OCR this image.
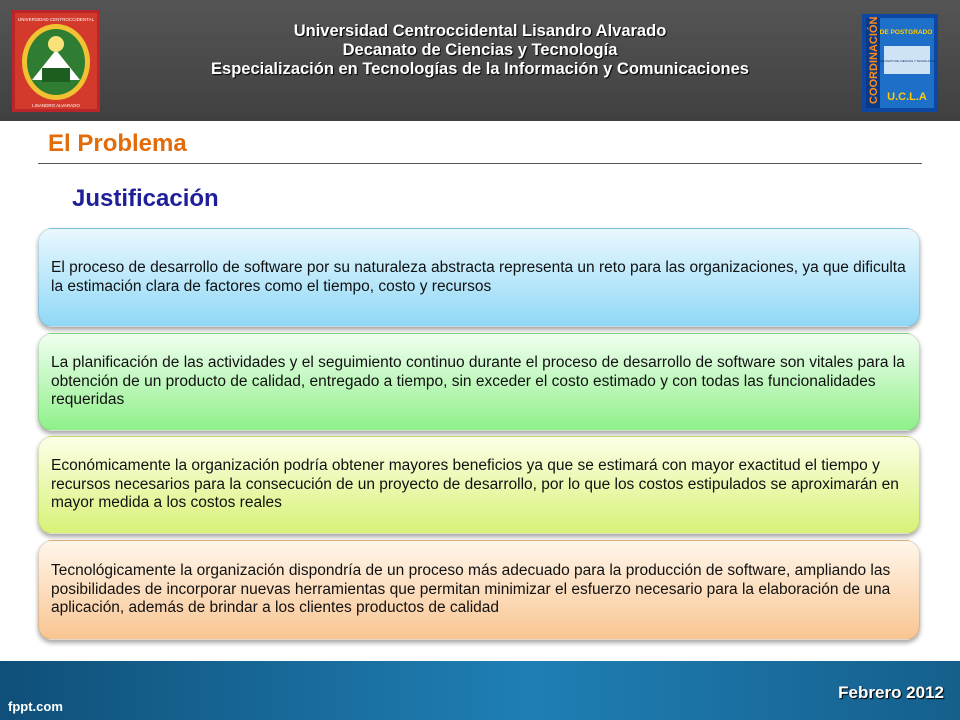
UNIVERSIDAD CENTROCCIDENTAL
LISANDRO ALVARADO
Universidad Centroccidental Lisandro Alvarado
Decanato de Ciencias y Tecnología
Especialización en Tecnologías de la Información y Comunicaciones	COORDINACIÓN DE POSTGRADO
DECANATO DE CIENCIAS Y TECNOLOGÍA
U.C.L.A
El Problema
Justificación
El proceso de desarrollo de software por su naturaleza abstracta representa un reto para las organizaciones, ya que dificulta la estimación clara de factores como el tiempo, costo y recursos
La planificación de las actividades y el seguimiento continuo durante el proceso de desarrollo de software son vitales para la obtención de un producto de calidad, entregado a tiempo, sin exceder el costo estimado y con todas las funcionalidades requeridas
Económicamente la organización podría obtener mayores beneficios ya que se estimará con mayor exactitud el tiempo y recursos necesarios para la consecución de un proyecto de desarrollo, por lo que los costos estipulados se aproximarán en mayor medida a los costos reales
Tecnológicamente la organización dispondría de un proceso más adecuado para la producción de software, ampliando las posibilidades de incorporar nuevas herramientas que permitan minimizar el esfuerzo necesario para la elaboración de una aplicación, además de brindar a los clientes productos de calidad
fppt.com
Febrero 2012
